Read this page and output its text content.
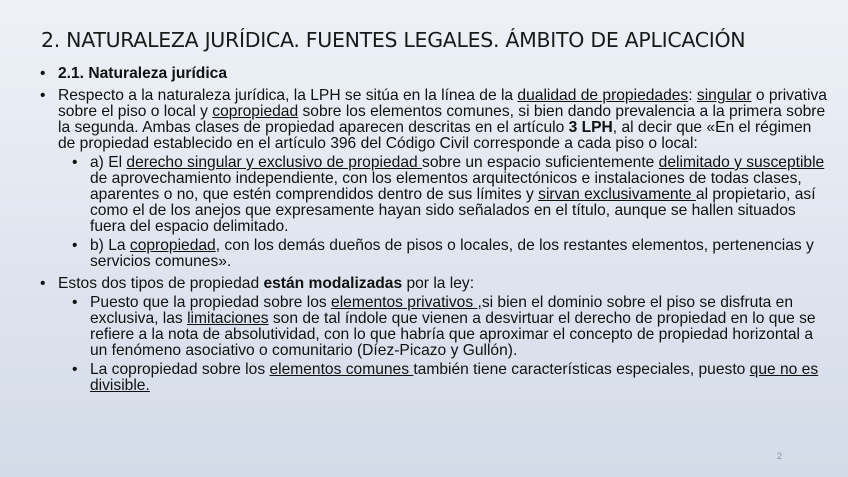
2. NATURALEZA JURÍDICA. FUENTES LEGALES. ÁMBITO DE APLICACIÓN
• 2.1. Naturaleza jurídica
• Respecto a la naturaleza jurídica, la LPH se sitúa en la línea de la dualidad de propiedades: singular o privativa sobre el piso o local y copropiedad sobre los elementos comunes, si bien dando prevalencia a la primera sobre la segunda. Ambas clases de propiedad aparecen descritas en el artículo 3 LPH, al decir que «En el régimen de propiedad establecido en el artículo 396 del Código Civil corresponde a cada piso o local:
• a) El derecho singular y exclusivo de propiedad sobre un espacio suficientemente delimitado y susceptible de aprovechamiento independiente, con los elementos arquitectónicos e instalaciones de todas clases, aparentes o no, que estén comprendidos dentro de sus límites y sirvan exclusivamente al propietario, así como el de los anejos que expresamente hayan sido señalados en el título, aunque se hallen situados fuera del espacio delimitado.
• b) La copropiedad, con los demás dueños de pisos o locales, de los restantes elementos, pertenencias y servicios comunes».
• Estos dos tipos de propiedad están modalizadas por la ley:
• Puesto que la propiedad sobre los elementos privativos ,si bien el dominio sobre el piso se disfruta en exclusiva, las limitaciones son de tal índole que vienen a desvirtuar el derecho de propiedad en lo que se refiere a la nota de absolutividad, con lo que habría que aproximar el concepto de propiedad horizontal a un fenómeno asociativo o comunitario (Díez-Picazo y Gullón).
• La copropiedad sobre los elementos comunes también tiene características especiales, puesto que no es divisible.
2
